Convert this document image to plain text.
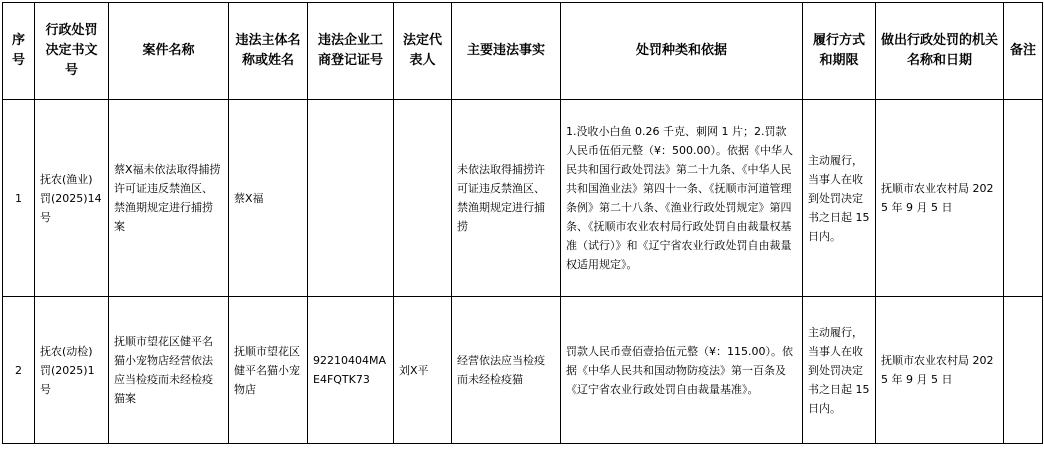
序号	行政处罚决定书文号	案件名称	违法主体名称或姓名	违法企业工商登记证号	法定代表人	主要违法事实	处罚种类和依据	履行方式和期限	做出行政处罚的机关名称和日期	备注
1	抚农(渔业)罚(2025)14号	蔡X福未依法取得捕捞许可证违反禁渔区、禁渔期规定进行捕捞案	蔡X福			未依法取得捕捞许可证违反禁渔区、禁渔期规定进行捕捞	1.没收小白鱼 0.26 千克、刺网 1 片；2.罚款人民币伍佰元整（¥：500.00）。依据《中华人民共和国行政处罚法》第二十九条、《中华人民共和国渔业法》第四十一条、《抚顺市河道管理条例》第二十八条、《渔业行政处罚规定》第四条、《抚顺市农业农村局行政处罚自由裁量权基准（试行）》和《辽宁省农业行政处罚自由裁量权适用规定》。	主动履行，当事人在收到处罚决定书之日起 15 日内。	抚顺市农业农村局 2025 年 9 月 5 日	
2	抚农(动检)罚(2025)1号	抚顺市望花区健平名猫小宠物店经营依法应当检疫而未经检疫猫案	抚顺市望花区健平名猫小宠物店	92210404MAE4FQTK73	刘X平	经营依法应当检疫而未经检疫猫	罚款人民币壹佰壹拾伍元整（¥：115.00）。依据《中华人民共和国动物防疫法》第一百条及《辽宁省农业行政处罚自由裁量基准》。	主动履行，当事人在收到处罚决定书之日起 15 日内。	抚顺市农业农村局 2025 年 9 月 5 日	
